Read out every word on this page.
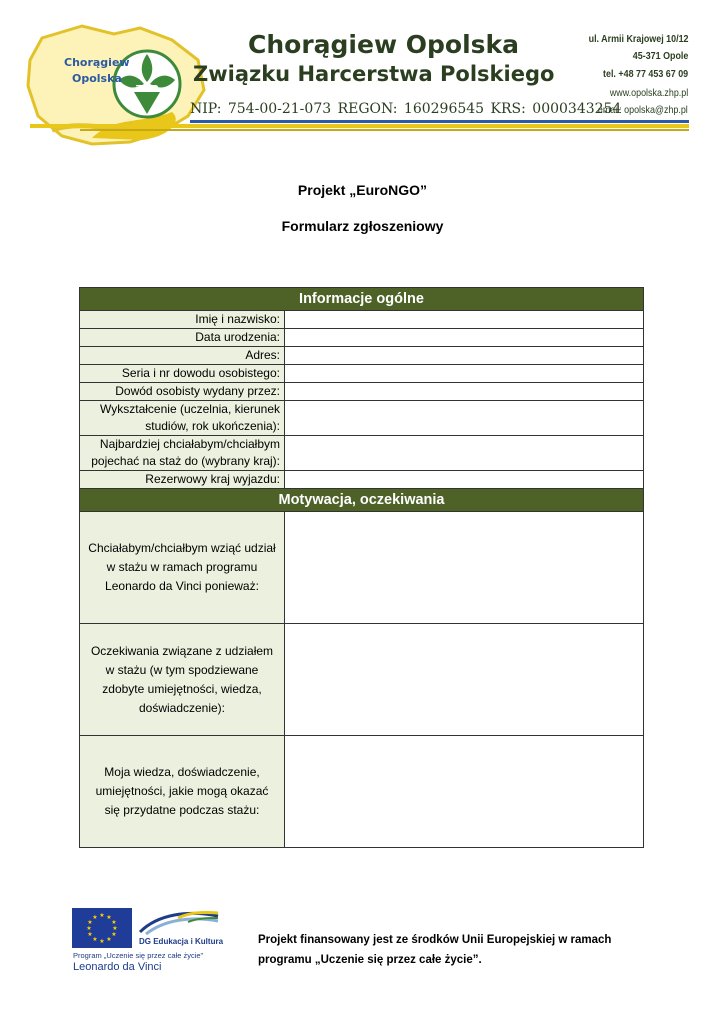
ZHP
Chorągiew Opolska
Chorągiew Opolska
Związku Harcerstwa Polskiego
NIP: 754-00-21-073 REGON: 160296545 KRS: 0000343254
ul. Armii Krajowej 10/12
45-371 Opole
tel. +48 77 453 67 09
www.opolska.zhp.pl
email: opolska@zhp.pl
Projekt „EuroNGO”
Formularz zgłoszeniowy
Informacje ogólne	
Imię i nazwisko:	
Data urodzenia:	
Adres:	
Seria i nr dowodu osobistego:	
Dowód osobisty wydany przez:	
Wykształcenie (uczelnia, kierunek studiów, rok ukończenia):	
Najbardziej chciałabym/chciałbym pojechać na staż do (wybrany kraj):	
Rezerwowy kraj wyjazdu:	
Motywacja, oczekiwania	
Chciałabym/chciałbym wziąć udział w stażu w ramach programu Leonardo da Vinci ponieważ:	
Oczekiwania związane z udziałem w stażu (w tym spodziewane zdobyte umiejętności, wiedza, doświadczenie):	
Moja wiedza, doświadczenie, umiejętności, jakie mogą okazać się przydatne podczas stażu:	
★ ★
★
★
★
★
★
★
★
★
★
★
DG Edukacja i Kultura
Program „Uczenie się przez całe życie”
Leonardo da Vinci
Projekt finansowany jest ze środków Unii Europejskiej w ramach programu „Uczenie się przez całe życie”.
